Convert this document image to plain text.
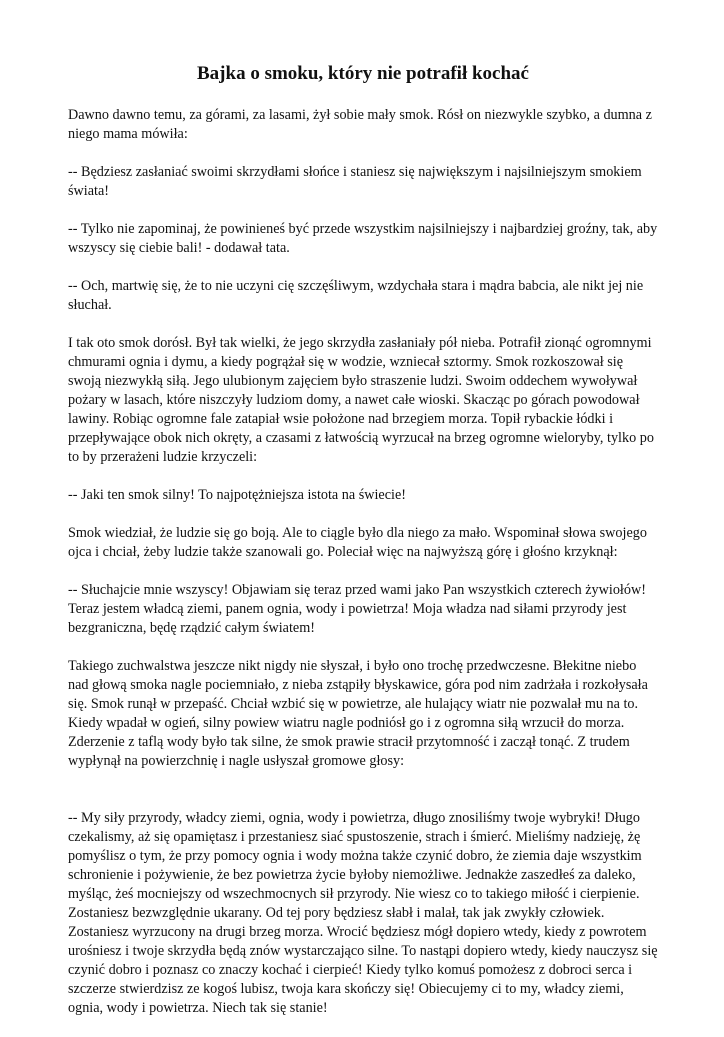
Bajka o smoku, który nie potrafił kochać

Dawno dawno temu, za górami, za lasami, żył sobie mały smok. Rósł on niezwykle szybko, a dumna z niego mama mówiła:

-- Będziesz zasłaniać swoimi skrzydłami słońce i staniesz się największym i najsilniejszym smokiem świata!

-- Tylko nie zapominaj, że powinieneś być przede wszystkim najsilniejszy i najbardziej groźny, tak, aby wszyscy się ciebie bali! - dodawał tata.

-- Och, martwię się, że to nie uczyni cię szczęśliwym, wzdychała stara i mądra babcia, ale nikt jej nie słuchał.

I tak oto smok dorósł. Był tak wielki, że jego skrzydła zasłaniały pół nieba. Potrafił zionąć ogromnymi chmurami ognia i dymu, a kiedy pogrążał się w wodzie, wzniecał sztormy. Smok rozkoszował się swoją niezwykłą siłą. Jego ulubionym zajęciem było straszenie ludzi. Swoim oddechem wywoływał pożary w lasach, które niszczyły ludziom domy, a nawet całe wioski. Skacząc po górach powodował lawiny. Robiąc ogromne fale zatapiał wsie położone nad brzegiem morza. Topił rybackie łódki i przepływające obok nich okręty, a czasami z łatwością wyrzucał na brzeg ogromne wieloryby, tylko po to by przerażeni ludzie krzyczeli:

-- Jaki ten smok silny! To najpotężniejsza istota na świecie!

Smok wiedział, że ludzie się go boją. Ale to ciągle było dla niego za mało. Wspominał słowa swojego ojca i chciał, żeby ludzie także szanowali go. Poleciał więc na najwyższą górę i głośno krzyknął:

-- Słuchajcie mnie wszyscy! Objawiam się teraz przed wami jako Pan wszystkich czterech żywiołów! Teraz jestem władcą ziemi, panem ognia, wody i powietrza! Moja władza nad siłami przyrody jest bezgraniczna, będę rządzić całym światem!

Takiego zuchwalstwa jeszcze nikt nigdy nie słyszał, i było ono trochę przedwczesne. Błekitne niebo nad głową smoka nagle pociemniało, z nieba zstąpiły błyskawice, góra pod nim zadrżała i rozkołysała się. Smok runął w przepaść. Chciał wzbić się w powietrze, ale hulający wiatr nie pozwalał mu na to. Kiedy wpadał w ogień, silny powiew wiatru nagle podniósł go i z ogromna siłą wrzucił do morza. Zderzenie z taflą wody było tak silne, że smok prawie stracił przytomność i zaczął tonąć. Z trudem wypłynął na powierzchnię i nagle usłyszał gromowe głosy:

-- My siły przyrody, władcy ziemi, ognia, wody i powietrza, długo znosiliśmy twoje wybryki! Długo czekalismy, aż się opamiętasz i przestaniesz siać spustoszenie, strach i śmierć. Mieliśmy nadzieję, żę pomyślisz o tym, że przy pomocy ognia i wody można także czynić dobro, że ziemia daje wszystkim schronienie i pożywienie, że bez powietrza życie byłoby niemożliwe. Jednakże zaszedłeś za daleko, myśląc, żeś mocniejszy od wszechmocnych sił przyrody. Nie wiesz co to takiego miłość i cierpienie. Zostaniesz bezwzględnie ukarany. Od tej pory będziesz słabł i malał, tak jak zwykły człowiek. Zostaniesz wyrzucony na drugi brzeg morza. Wrocić będziesz mógł dopiero wtedy, kiedy z powrotem urośniesz i twoje skrzydła będą znów wystarczająco silne. To nastąpi dopiero wtedy, kiedy nauczysz się czynić dobro i poznasz co znaczy kochać i cierpieć! Kiedy tylko komuś pomożesz z dobroci serca i szczerze stwierdzisz ze kogoś lubisz, twoja kara skończy się! Obiecujemy ci to my, władcy ziemi, ognia, wody i powietrza. Niech tak się stanie!
